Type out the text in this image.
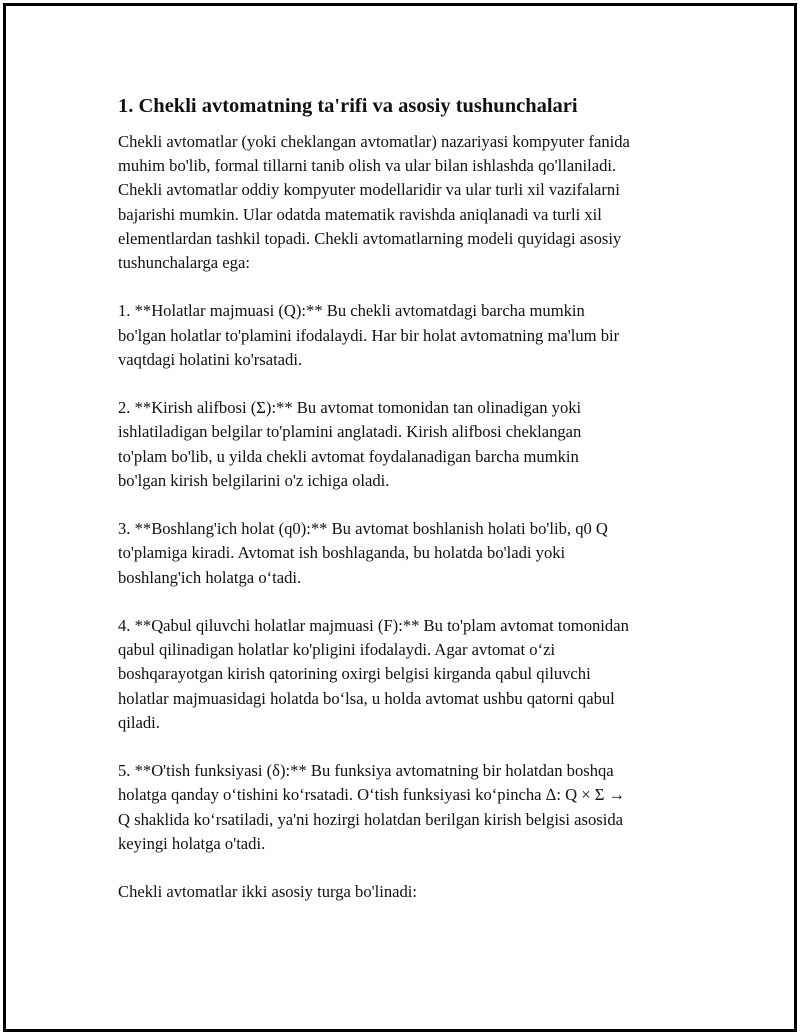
1. Chekli avtomatning ta'rifi va asosiy tushunchalari
Chekli avtomatlar (yoki cheklangan avtomatlar) nazariyasi kompyuter fanida
muhim bo'lib, formal tillarni tanib olish va ular bilan ishlashda qo'llaniladi.
Chekli avtomatlar oddiy kompyuter modellaridir va ular turli xil vazifalarni
bajarishi mumkin. Ular odatda matematik ravishda aniqlanadi va turli xil
elementlardan tashkil topadi. Chekli avtomatlarning modeli quyidagi asosiy
tushunchalarga ega:
1. **Holatlar majmuasi (Q):** Bu chekli avtomatdagi barcha mumkin
bo'lgan holatlar to'plamini ifodalaydi. Har bir holat avtomatning ma'lum bir
vaqtdagi holatini ko'rsatadi.
2. **Kirish alifbosi (Σ):** Bu avtomat tomonidan tan olinadigan yoki
ishlatiladigan belgilar to'plamini anglatadi. Kirish alifbosi cheklangan
to'plam bo'lib, u yilda chekli avtomat foydalanadigan barcha mumkin
bo'lgan kirish belgilarini o'z ichiga oladi.
3. **Boshlang'ich holat (q0):** Bu avtomat boshlanish holati bo'lib, q0 Q
to'plamiga kiradi. Avtomat ish boshlaganda, bu holatda bo'ladi yoki
boshlang'ich holatga o‘tadi.
4. **Qabul qiluvchi holatlar majmuasi (F):** Bu to'plam avtomat tomonidan
qabul qilinadigan holatlar ko'pligini ifodalaydi. Agar avtomat o‘zi
boshqarayotgan kirish qatorining oxirgi belgisi kirganda qabul qiluvchi
holatlar majmuasidagi holatda bo‘lsa, u holda avtomat ushbu qatorni qabul
qiladi.
5. **O'tish funksiyasi (δ):** Bu funksiya avtomatning bir holatdan boshqa
holatga qanday o‘tishini ko‘rsatadi. O‘tish funksiyasi ko‘pincha Δ: Q × Σ →
Q shaklida ko‘rsatiladi, ya'ni hozirgi holatdan berilgan kirish belgisi asosida
keyingi holatga o'tadi.
Chekli avtomatlar ikki asosiy turga bo'linadi:
